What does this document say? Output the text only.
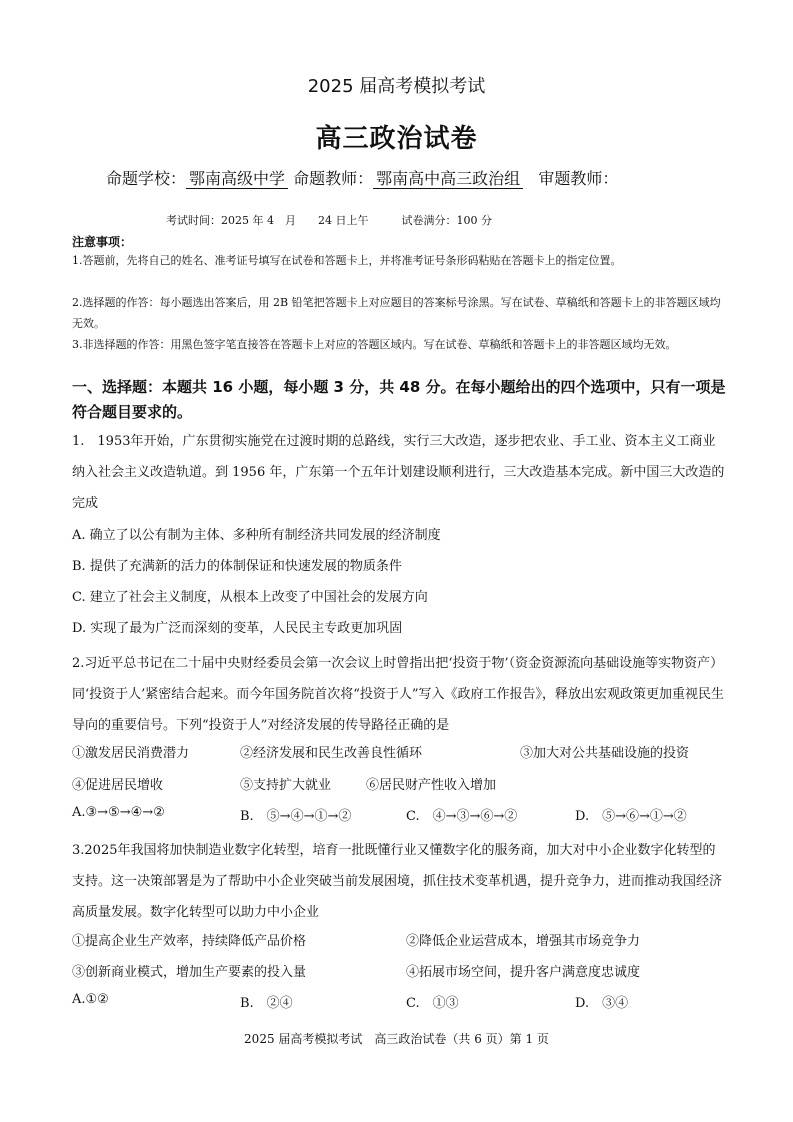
2025 届高考模拟考试
高三政治试卷
命题学校： 鄂南高级中学 命题教师： 鄂南高中高三政治组 审题教师：
考试时间：2025 年 4　月　　24 日上午　　　试卷满分：100 分
注意事项：
1.答题前，先将自己的姓名、准考证号填写在试卷和答题卡上，并将准考证号条形码粘贴在答题卡上的指定位置。
2.选择题的作答：每小题选出答案后，用 2B 铅笔把答题卡上对应题目的答案标号涂黑。写在试卷、草稿纸和答题卡上的非答题区域均无效。
3.非选择题的作答：用黑色签字笔直接答在答题卡上对应的答题区域内。写在试卷、草稿纸和答题卡上的非答题区域均无效。
一、选择题：本题共 16 小题，每小题 3 分，共 48 分。在每小题给出的四个选项中，只有一项是符合题目要求的。
1.　1953年开始，广东贯彻实施党在过渡时期的总路线，实行三大改造，逐步把农业、手工业、资本主义工商业纳入社会主义改造轨道。到 1956 年，广东第一个五年计划建设顺利进行，三大改造基本完成。新中国三大改造的完成
A. 确立了以公有制为主体、多种所有制经济共同发展的经济制度
B. 提供了充满新的活力的体制保证和快速发展的物质条件
C. 建立了社会主义制度，从根本上改变了中国社会的发展方向
D. 实现了最为广泛而深刻的变革，人民民主专政更加巩固
2.习近平总书记在二十届中央财经委员会第一次会议上时曾指出把‘投资于物’（资金资源流向基础设施等实物资产）同‘投资于人’紧密结合起来。而今年国务院首次将“投资于人”写入《政府工作报告》，释放出宏观政策更加重视民生导向的重要信号。下列“投资于人”对经济发展的传导路径正确的是
①激发居民消费潜力	②经济发展和民生改善良性循环	③加大对公共基础设施的投资
④促进居民增收	⑤支持扩大就业	⑥居民财产性收入增加
A.③→⑤→④→②	B.　⑤→④→①→②	C.　④→③→⑥→②	D.　⑤→⑥→①→②
3.2025年我国将加快制造业数字化转型，培育一批既懂行业又懂数字化的服务商，加大对中小企业数字化转型的支持。这一决策部署是为了帮助中小企业突破当前发展困境，抓住技术变革机遇，提升竞争力，进而推动我国经济高质量发展。数字化转型可以助力中小企业
①提高企业生产效率，持续降低产品价格	②降低企业运营成本，增强其市场竞争力
③创新商业模式，增加生产要素的投入量	④拓展市场空间，提升客户满意度忠诚度
A.①②	B.　②④	C.　①③	D.　③④
2025 届高考模拟考试　高三政治试卷（共 6 页）第 1 页
